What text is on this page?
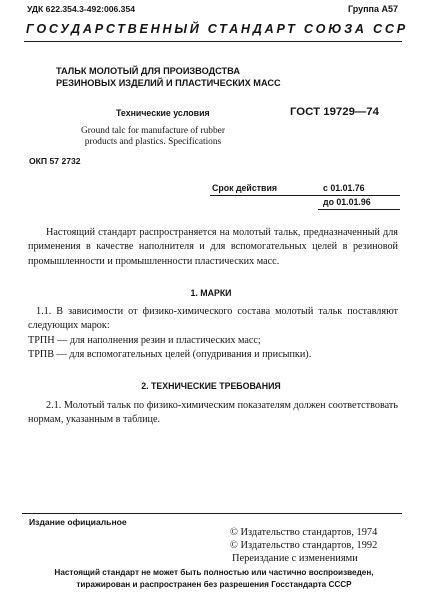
УДК 622.354.3-492:006.354	Группа А57
ГОСУДАРСТВЕННЫЙ СТАНДАРТ СОЮЗА ССР
ТАЛЬК МОЛОТЫЙ ДЛЯ ПРОИЗВОДСТВА РЕЗИНОВЫХ ИЗДЕЛИЙ И ПЛАСТИЧЕСКИХ МАСС
Технические условия	ГОСТ 19729—74
Ground talc for manufacture of rubber products and plastics. Specifications
ОКП 57 2732
Срок действия	с 01.01.76
до 01.01.96
Настоящий стандарт распространяется на молотый тальк, предназначенный для применения в качестве наполнителя и для вспомогательных целей в резиновой промышленности и промышленности пластических масс.
1. МАРКИ
1.1. В зависимости от физико-химического состава молотый тальк поставляют следующих марок:
ТРПН — для наполнения резин и пластических масс;
ТРПВ — для вспомогательных целей (опудривания и присыпки).
2. ТЕХНИЧЕСКИЕ ТРЕБОВАНИЯ
2.1. Молотый тальк по физико-химическим показателям должен соответствовать нормам, указанным в таблице.
Издание официальное
© Издательство стандартов, 1974
© Издательство стандартов, 1992
Переиздание с изменениями
Настоящий стандарт не может быть полностью или частично воспроизведен, тиражирован и распространен без разрешения Госстандарта СССР
